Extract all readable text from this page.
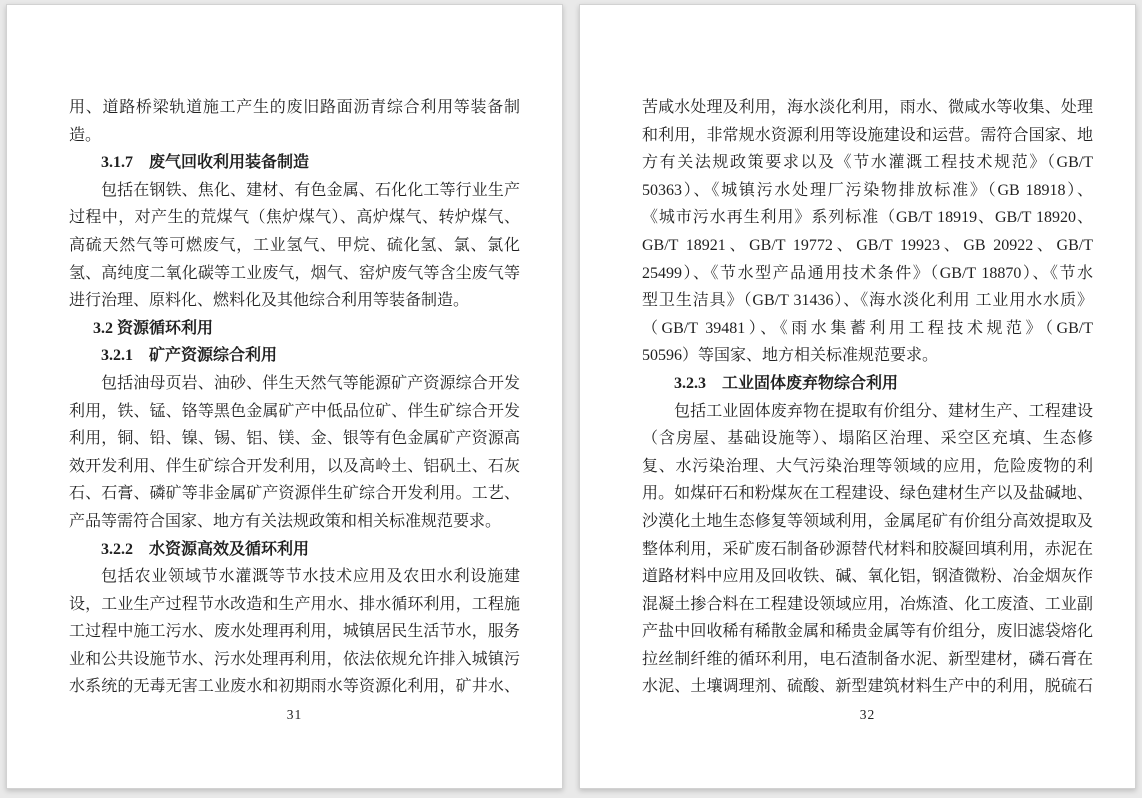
用、道路桥梁轨道施工产生的废旧路面沥青综合利用等装备制
造。
3.1.7　废气回收利用装备制造
包括在钢铁、焦化、建材、有色金属、石化化工等行业生产
过程中，对产生的荒煤气（焦炉煤气）、高炉煤气、转炉煤气、
高硫天然气等可燃废气，工业氢气、甲烷、硫化氢、氯、氯化
氢、高纯度二氧化碳等工业废气，烟气、窑炉废气等含尘废气等
进行治理、原料化、燃料化及其他综合利用等装备制造。
3.2 资源循环利用
3.2.1　矿产资源综合利用
包括油母页岩、油砂、伴生天然气等能源矿产资源综合开发
利用，铁、锰、铬等黑色金属矿产中低品位矿、伴生矿综合开发
利用，铜、铅、镍、锡、铝、镁、金、银等有色金属矿产资源高
效开发利用、伴生矿综合开发利用，以及高岭土、铝矾土、石灰
石、石膏、磷矿等非金属矿产资源伴生矿综合开发利用。工艺、
产品等需符合国家、地方有关法规政策和相关标准规范要求。
3.2.2　水资源高效及循环利用
包括农业领域节水灌溉等节水技术应用及农田水利设施建
设，工业生产过程节水改造和生产用水、排水循环利用，工程施
工过程中施工污水、废水处理再利用，城镇居民生活节水，服务
业和公共设施节水、污水处理再利用，依法依规允许排入城镇污
水系统的无毒无害工业废水和初期雨水等资源化利用，矿井水、
31
苦咸水处理及利用，海水淡化利用，雨水、微咸水等收集、处理
和利用，非常规水资源利用等设施建设和运营。需符合国家、地
方有关法规政策要求以及《节水灌溉工程技术规范》（GB/T
50363）、《城镇污水处理厂污染物排放标准》（GB 18918）、
《城市污水再生利用》系列标准（GB/T 18919、GB/T 18920、
GB/T 18921、GB/T 19772、GB/T 19923、GB 20922、GB/T
25499）、《节水型产品通用技术条件》（GB/T 18870）、《节水
型卫生洁具》（GB/T 31436）、《海水淡化利用 工业用水水质》
（GB/T 39481）、《雨水集蓄利用工程技术规范》（GB/T
50596）等国家、地方相关标准规范要求。
3.2.3　工业固体废弃物综合利用
包括工业固体废弃物在提取有价组分、建材生产、工程建设
（含房屋、基础设施等）、塌陷区治理、采空区充填、生态修
复、水污染治理、大气污染治理等领域的应用，危险废物的利
用。如煤矸石和粉煤灰在工程建设、绿色建材生产以及盐碱地、
沙漠化土地生态修复等领域利用，金属尾矿有价组分高效提取及
整体利用，采矿废石制备砂源替代材料和胶凝回填利用，赤泥在
道路材料中应用及回收铁、碱、氧化铝，钢渣微粉、冶金烟灰作
混凝土掺合料在工程建设领域应用，冶炼渣、化工废渣、工业副
产盐中回收稀有稀散金属和稀贵金属等有价组分，废旧滤袋熔化
拉丝制纤维的循环利用，电石渣制备水泥、新型建材，磷石膏在
水泥、土壤调理剂、硫酸、新型建筑材料生产中的利用，脱硫石
32
